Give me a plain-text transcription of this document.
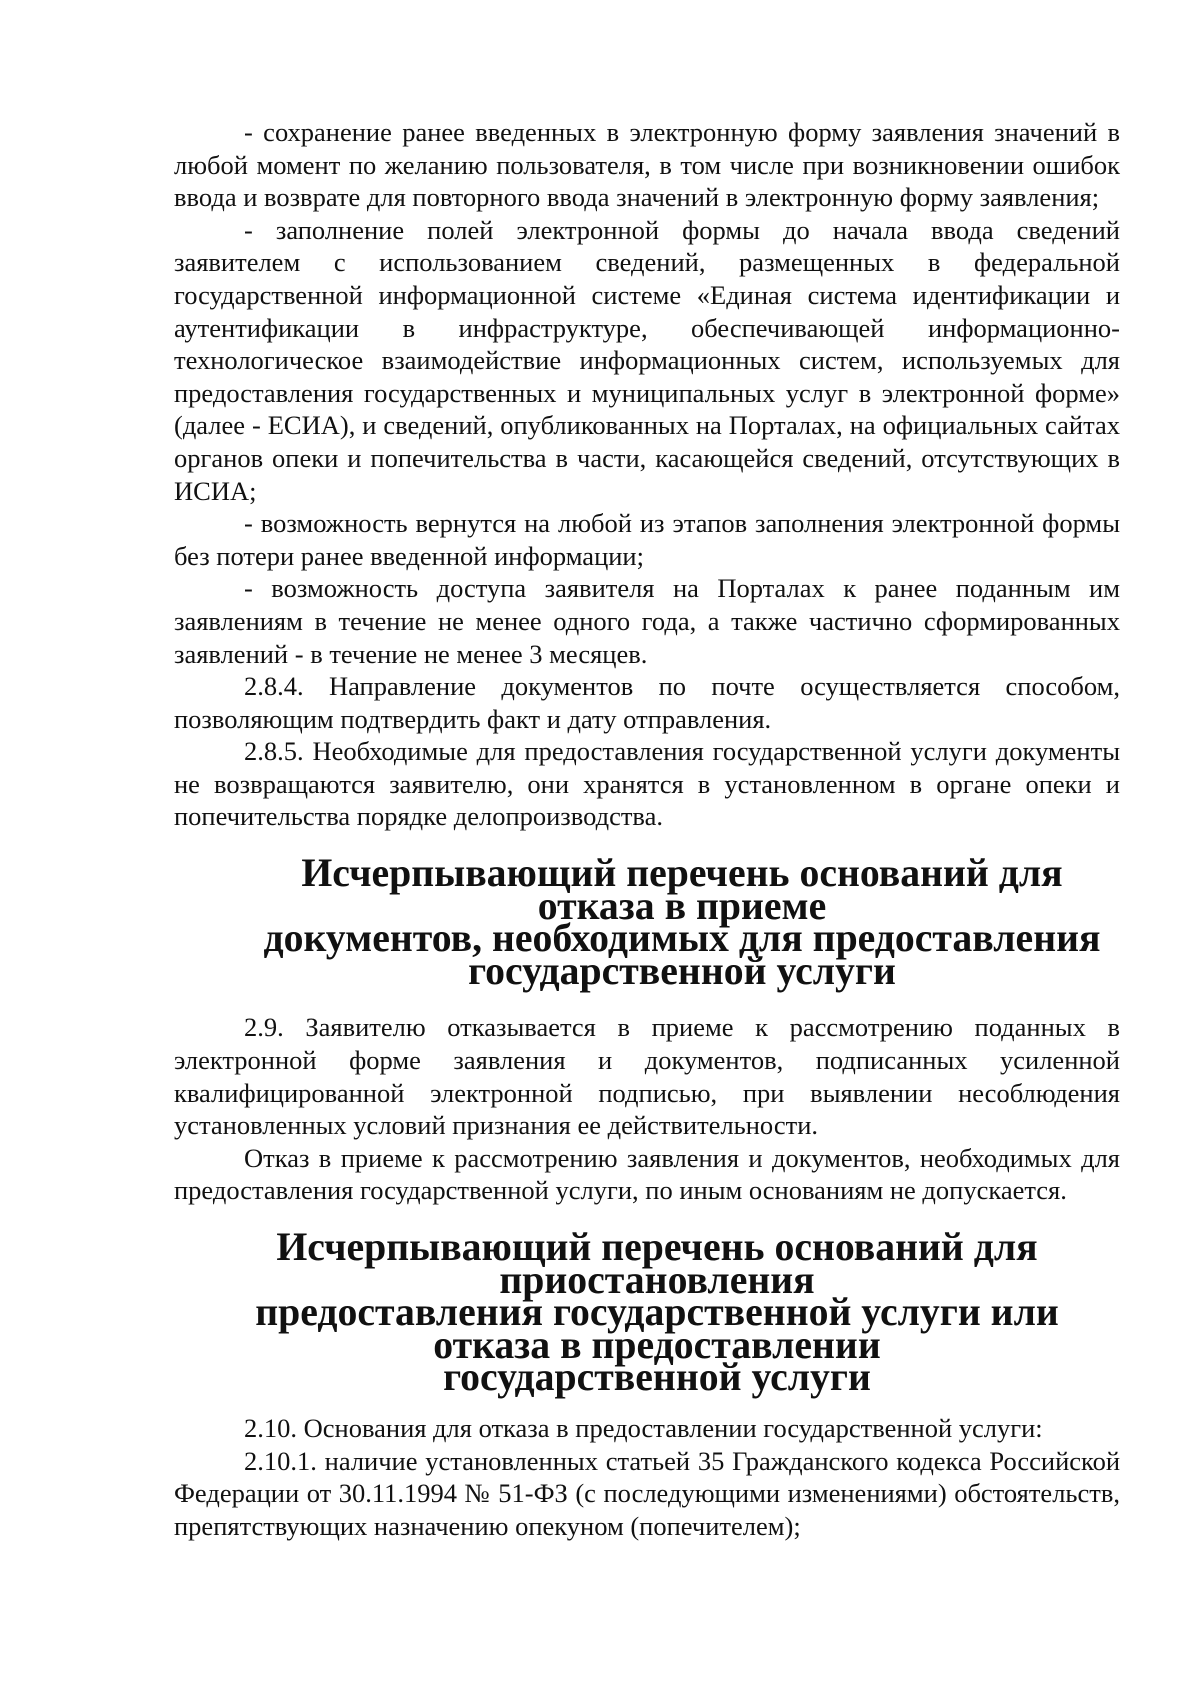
- сохранение ранее введенных в электронную форму заявления значений в любой момент по желанию пользователя, в том числе при возникновении ошибок ввода и возврате для повторного ввода значений в электронную форму заявления;

- заполнение полей электронной формы до начала ввода сведений заявителем с использованием сведений, размещенных в федеральной государственной информационной системе «Единая система идентификации и аутентификации в инфраструктуре, обеспечивающей информационно-технологическое взаимодействие информационных систем, используемых для предоставления государственных и муниципальных услуг в электронной форме» (далее - ЕСИА), и сведений, опубликованных на Порталах, на официальных сайтах органов опеки и попечительства в части, касающейся сведений, отсутствующих в ИСИА;

- возможность вернутся на любой из этапов заполнения электронной формы без потери ранее введенной информации;

- возможность доступа заявителя на Порталах к ранее поданным им заявлениям в течение не менее одного года, а также частично сформированных заявлений - в течение не менее 3 месяцев.

2.8.4. Направление документов по почте осуществляется способом, позволяющим подтвердить факт и дату отправления.

2.8.5. Необходимые для предоставления государственной услуги документы не возвращаются заявителю, они хранятся в установленном в органе опеки и попечительства порядке делопроизводства.

Исчерпывающий перечень оснований для отказа в приеме
документов, необходимых для предоставления
государственной услуги

2.9. Заявителю отказывается в приеме к рассмотрению поданных в электронной форме заявления и документов, подписанных усиленной квалифицированной электронной подписью, при выявлении несоблюдения установленных условий признания ее действительности.

Отказ в приеме к рассмотрению заявления и документов, необходимых для предоставления государственной услуги, по иным основаниям не допускается.

Исчерпывающий перечень оснований для приостановления
предоставления государственной услуги или отказа в предоставлении
государственной услуги

2.10. Основания для отказа в предоставлении государственной услуги:

2.10.1. наличие установленных статьей 35 Гражданского кодекса Российской Федерации от 30.11.1994 № 51-ФЗ (с последующими изменениями) обстоятельств, препятствующих назначению опекуном (попечителем);
